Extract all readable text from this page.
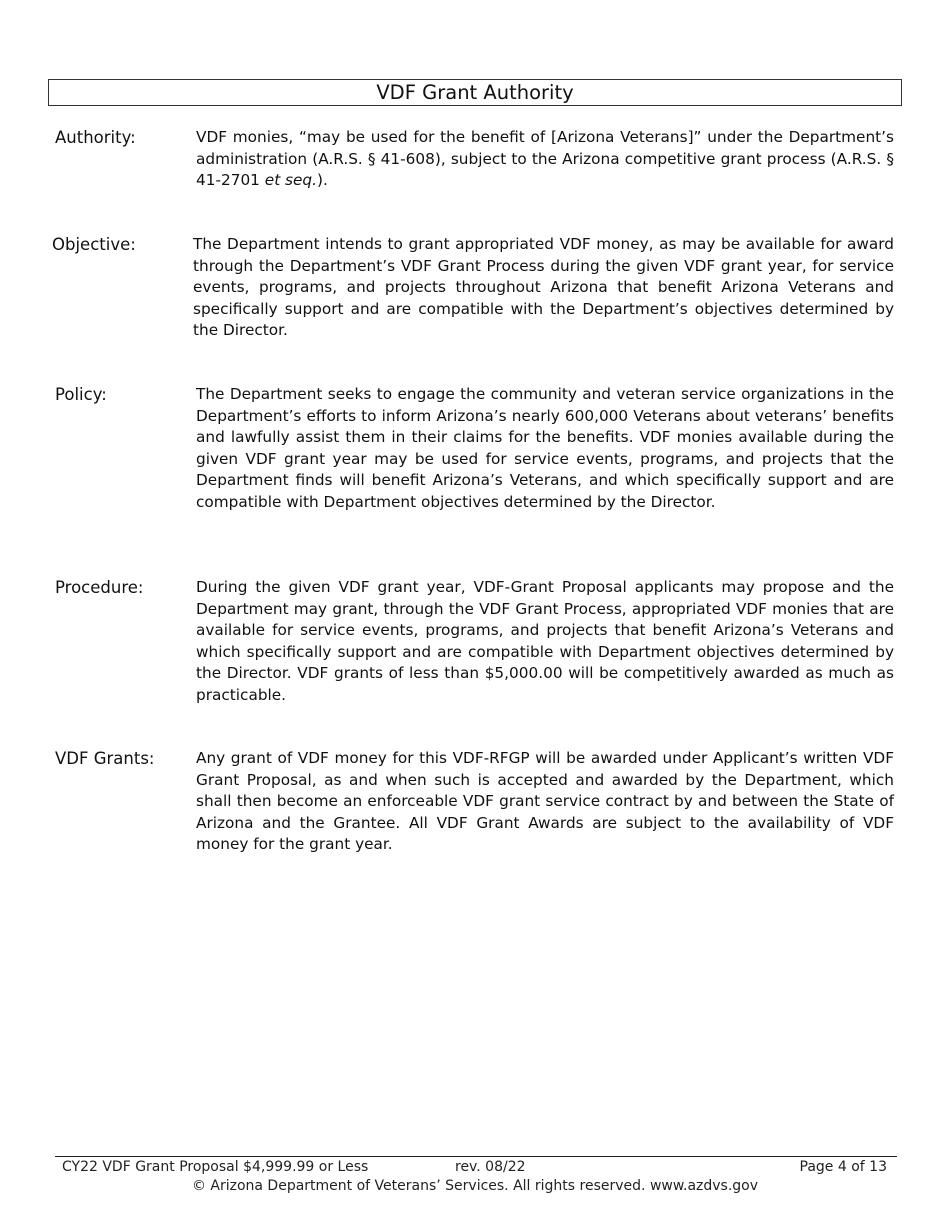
VDF Grant Authority
Authority:	VDF monies, “may be used for the benefit of [Arizona Veterans]” under the Department’s administration (A.R.S. § 41-608), subject to the Arizona competitive grant process (A.R.S. § 41-2701 et seq.).
Objective:	The Department intends to grant appropriated VDF money, as may be available for award through the Department’s VDF Grant Process during the given VDF grant year, for service events, programs, and projects throughout Arizona that benefit Arizona Veterans and specifically support and are compatible with the Department’s objectives determined by the Director.
Policy:	The Department seeks to engage the community and veteran service organizations in the Department’s efforts to inform Arizona’s nearly 600,000 Veterans about veterans’ benefits and lawfully assist them in their claims for the benefits. VDF monies available during the given VDF grant year may be used for service events, programs, and projects that the Department finds will benefit Arizona’s Veterans, and which specifically support and are compatible with Department objectives determined by the Director.
Procedure:	During the given VDF grant year, VDF-Grant Proposal applicants may propose and the Department may grant, through the VDF Grant Process, appropriated VDF monies that are available for service events, programs, and projects that benefit Arizona’s Veterans and which specifically support and are compatible with Department objectives determined by the Director. VDF grants of less than $5,000.00 will be competitively awarded as much as practicable.
VDF Grants:	Any grant of VDF money for this VDF-RFGP will be awarded under Applicant’s written VDF Grant Proposal, as and when such is accepted and awarded by the Department, which shall then become an enforceable VDF grant service contract by and between the State of Arizona and the Grantee. All VDF Grant Awards are subject to the availability of VDF money for the grant year.
CY22 VDF Grant Proposal $4,999.99 or Less	rev. 08/22	Page 4 of 13
© Arizona Department of Veterans’ Services. All rights reserved. www.azdvs.gov
